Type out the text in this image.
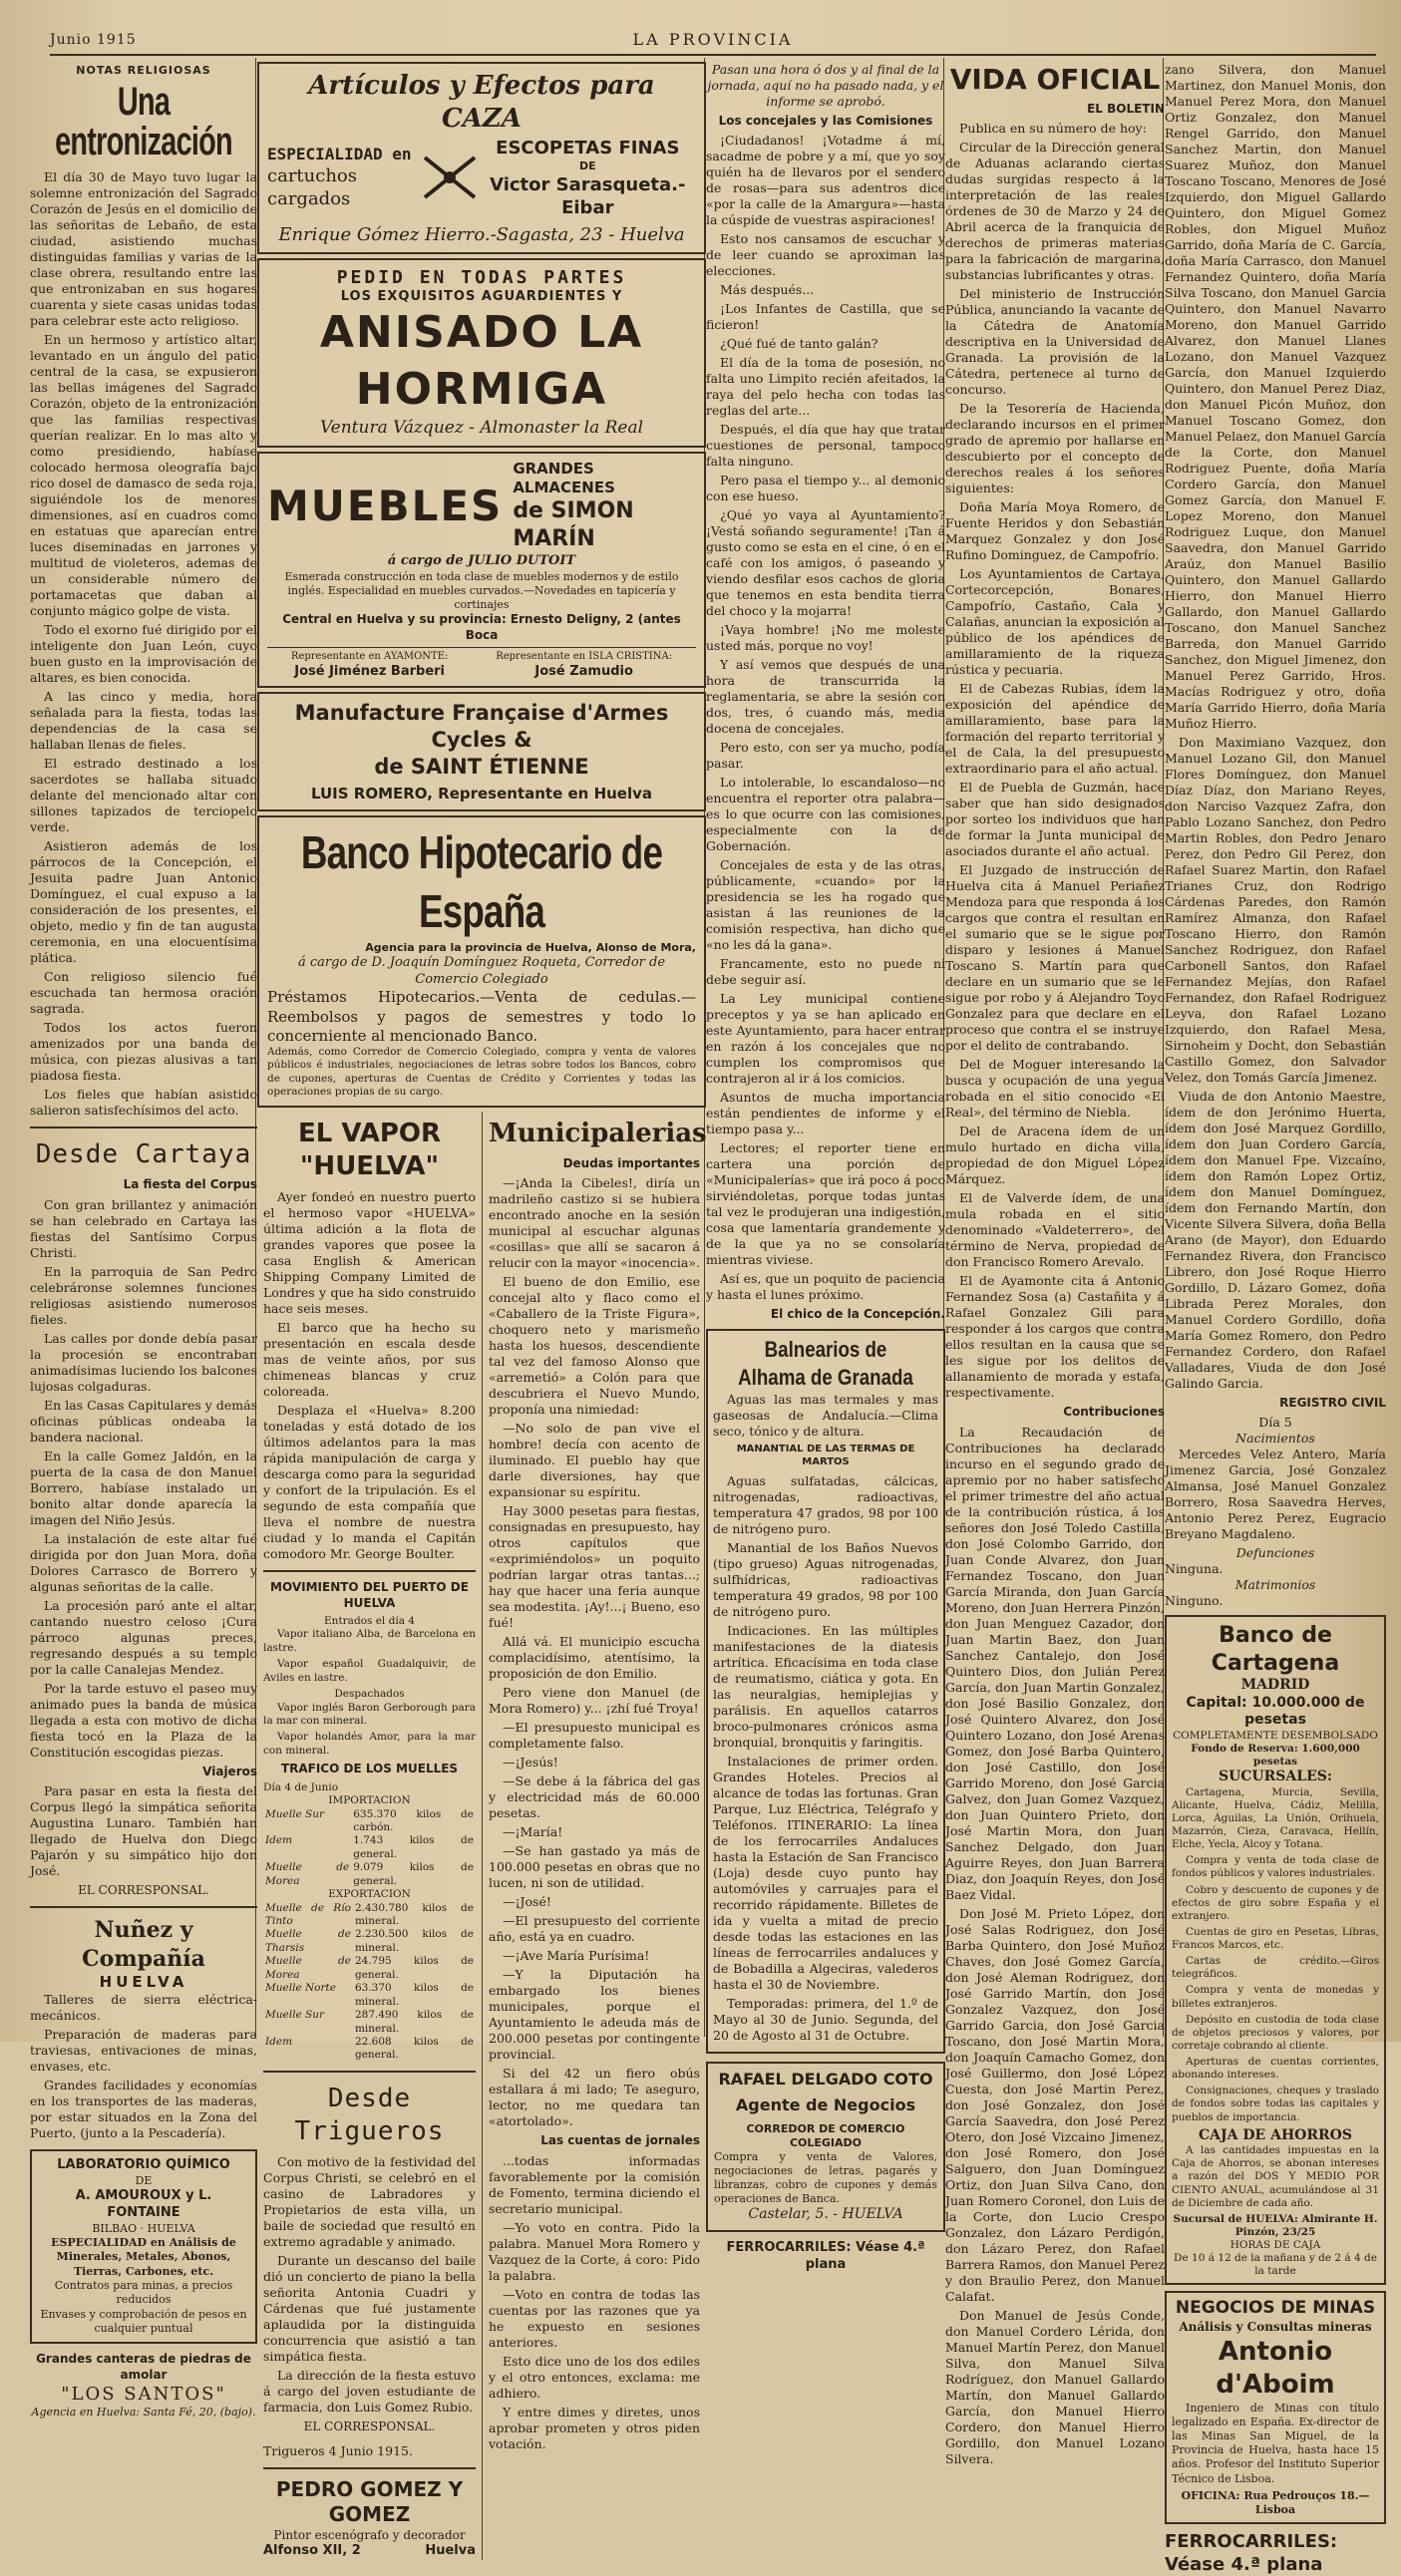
Junio 1915	LA PROVINCIA
NOTAS RELIGIOSAS
Una entronización

El día 30 de Mayo tuvo lugar la solemne entronización del Sagrado Corazón de Jesús en el domicilio de las señoritas de Lebaño, de esta ciudad, asistiendo muchas distinguidas familias y varias de la clase obrera, resultando entre las que entronizaban en sus hogares cuarenta y siete casas unidas todas para celebrar este acto religioso.

En un hermoso y artístico altar, levantado en un ángulo del patio central de la casa, se expusieron las bellas imágenes del Sagrado Corazón, objeto de la entronización que las familias respectivas querían realizar. En lo mas alto y como presidiendo, habíase colocado hermosa oleografía bajo rico dosel de damasco de seda roja, siguiéndole los de menores dimensiones, así en cuadros como en estatuas que aparecían entre luces diseminadas en jarrones y multitud de violeteros, ademas de un considerable número de portamacetas que daban al conjunto mágico golpe de vista.

Todo el exorno fué dirigido por el inteligente don Juan León, cuyo buen gusto en la improvisación de altares, es bien conocida.

A las cinco y media, hora señalada para la fiesta, todas las dependencias de la casa se hallaban llenas de fieles.

El estrado destinado a los sacerdotes se hallaba situado delante del mencionado altar con sillones tapizados de terciopelo verde.

Asistieron además de los párrocos de la Concepción, el Jesuita padre Juan Antonio Domínguez, el cual expuso a la consideración de los presentes, el objeto, medio y fin de tan augusta ceremonia, en una elocuentísima plática.

Con religioso silencio fué escuchada tan hermosa oración sagrada.

Todos los actos fueron amenizados por una banda de música, con piezas alusivas a tan piadosa fiesta.

Los fieles que habían asistido salieron satisfechísimos del acto.

Desde Cartaya
La fiesta del Corpus

Con gran brillantez y animación se han celebrado en Cartaya las fiestas del Santísimo Corpus Christi.

En la parroquia de San Pedro celebráronse solemnes funciones religiosas asistiendo numerosos fieles.

Las calles por donde debía pasar la procesión se encontraban animadísimas luciendo los balcones lujosas colgaduras.

En las Casas Capitulares y demás oficinas públicas ondeaba la bandera nacional.

En la calle Gomez Jaldón, en la puerta de la casa de don Manuel Borrero, habíase instalado un bonito altar donde aparecía la imagen del Niño Jesús.

La instalación de este altar fué dirigida por don Juan Mora, doña Dolores Carrasco de Borrero y algunas señoritas de la calle.

La procesión paró ante el altar, cantando nuestro celoso ¡Cura párroco algunas preces, regresando después a su templo por la calle Canalejas Mendez.

Por la tarde estuvo el paseo muy animado pues la banda de música llegada a esta con motivo de dicha fiesta tocó en la Plaza de la Constitución escogidas piezas.

Viajeros

Para pasar en esta la fiesta del Corpus llegó la simpática señorita Augustina Lunaro. También han llegado de Huelva don Diego Pajarón y su simpático hijo don José.

EL CORRESPONSAL.
Nuñez y Compañía
HUELVA

Talleres de sierra eléctrica-mecánicos.

Preparación de maderas para traviesas, entivaciones de minas, envases, etc.

Grandes facilidades y economías en los transportes de las maderas, por estar situados en la Zona del Puerto, (junto a la Pescadería).

LABORATORIO QUÍMICO
DE
A. AMOUROUX y L. FONTAINE
BILBAO · HUELVA
ESPECIALIDAD en Análisis de Minerales, Metales, Abonos, Tierras, Carbones, etc.
Contratos para minas, a precios reducidos
Envases y comprobación de pesos en cualquier puntual
Grandes canteras de piedras de amolar
"LOS SANTOS"
Agencia en Huelva: Santa Fé, 20, (bajo).
Artículos y Efectos para CAZA
ESPECIALIDAD en
cartuchos cargados
ESCOPETAS FINAS
DE
Victor Sarasqueta.- Eibar
Enrique Gómez Hierro.-Sagasta, 23 - Huelva
PEDID EN TODAS PARTES
LOS EXQUISITOS AGUARDIENTES Y
ANISADO LA HORMIGA
Ventura Vázquez - Almonaster la Real
MUEBLES
GRANDES ALMACENES
de SIMON MARÍN
á cargo de JULIO DUTOIT
Esmerada construcción en toda clase de muebles modernos y de estilo inglés. Especialidad en muebles curvados.—Novedades en tapicería y cortinajes
Central en Huelva y su provincia: Ernesto Deligny, 2 (antes Boca
Representante en AYAMONTE:
José Jiménez Barberi
Representante en ISLA CRISTINA:
José Zamudio
Manufacture Française d'Armes Cycles &
de SAINT ÉTIENNE
LUIS ROMERO, Representante en Huelva
Banco Hipotecario de España
Agencia para la provincia de Huelva, Alonso de Mora,
á cargo de D. Joaquín Domínguez Roqueta, Corredor de Comercio Colegiado
Préstamos Hipotecarios.—Venta de cedulas.—Reembolsos y pagos de semestres y todo lo concerniente al mencionado Banco.
Además, como Corredor de Comercio Colegiado, compra y venta de valores públicos é industriales, negociaciones de letras sobre todos los Bancos, cobro de cupones, aperturas de Cuentas de Crédito y Corrientes y todas las operaciones propias de su cargo.
EL VAPOR "HUELVA"

Ayer fondeó en nuestro puerto el hermoso vapor «HUELVA» última adición a la flota de grandes vapores que posee la casa English & American Shipping Company Limited de Londres y que ha sido construido hace seis meses.

El barco que ha hecho su presentación en escala desde mas de veinte años, por sus chimeneas blancas y cruz coloreada.

Desplaza el «Huelva» 8.200 toneladas y está dotado de los últimos adelantos para la mas rápida manipulación de carga y descarga como para la seguridad y confort de la tripulación. Es el segundo de esta compañía que lleva el nombre de nuestra ciudad y lo manda el Capitán comodoro Mr. George Boulter.

MOVIMIENTO DEL PUERTO DE HUELVA
Entrados el día 4

Vapor italiano Alba, de Barcelona en lastre.

Vapor español Guadalquivir, de Aviles en lastre.

Despachados

Vapor inglés Baron Gerborough para la mar con mineral.

Vapor holandés Amor, para la mar con mineral.

TRAFICO DE LOS MUELLES
Día 4 de Junio
IMPORTACION
Muelle Sur	635.370 kilos de carbón.
Idem	1.743 kilos de general.
Muelle de Morea	9.079 kilos de general.
EXPORTACION
Muelle de Río Tinto	2.430.780 kilos de mineral.
Muelle de Tharsis	2.230.500 kilos de mineral.
Muelle de Morea	24.795 kilos de general.
Muelle Norte	63.370 kilos de mineral.
Muelle Sur	287.490 kilos de mineral.
Idem	22.608 kilos de general.
Desde Trigueros

Con motivo de la festividad del Corpus Christi, se celebró en el casino de Labradores y Propietarios de esta villa, un baile de sociedad que resultó en extremo agradable y animado.

Durante un descanso del baile dió un concierto de piano la bella señorita Antonia Cuadri y Cárdenas que fué justamente aplaudida por la distinguida concurrencia que asistió a tan simpática fiesta.

La dirección de la fiesta estuvo á cargo del joven estudiante de farmacia, don Luis Gomez Rubio.

EL CORRESPONSAL.
Trigueros 4 Junio 1915.
PEDRO GOMEZ Y GOMEZ
Pintor escenógrafo y decorador
Alfonso XII, 2	Huelva
Municipalerias
Deudas importantes

—¡Anda la Cibeles!, diría un madrileño castizo si se hubiera encontrado anoche en la sesión municipal al escuchar algunas «cosillas» que allí se sacaron á relucir con la mayor «inocencia».

El bueno de don Emilio, ese concejal alto y flaco como el «Caballero de la Triste Figura», choquero neto y marismeño hasta los huesos, descendiente tal vez del famoso Alonso que «arremetió» a Colón para que descubriera el Nuevo Mundo, proponía una nimiedad:

—No solo de pan vive el hombre! decía con acento de iluminado. El pueblo hay que darle diversiones, hay que expansionar su espíritu.

Hay 3000 pesetas para fiestas, consignadas en presupuesto, hay otros capítulos que «exprimiéndolos» un poquito podrían largar otras tantas...; hay que hacer una feria aunque sea modestita. ¡Ay!...¡ Bueno, eso fué!

Allá vá. El municipio escucha complacidísimo, atentísimo, la proposición de don Emilio.

Pero viene don Manuel (de Mora Romero) y... ¡zhí fué Troya!

—El presupuesto municipal es completamente falso.

—¡Jesús!

—Se debe á la fábrica del gas y electricidad más de 60.000 pesetas.

—¡María!

—Se han gastado ya más de 100.000 pesetas en obras que no lucen, ni son de utilidad.

—¡José!

—El presupuesto del corriente año, está ya en cuadro.

—¡Ave María Purísima!

—Y la Diputación ha embargado los bienes municipales, porque el Ayuntamiento le adeuda más de 200.000 pesetas por contingente provincial.

Si del 42 un fiero obús estallara á mi lado; Te aseguro, lector, no me quedara tan «atortolado».

Las cuentas de jornales

...todas informadas favorablemente por la comisión de Fomento, termina diciendo el secretario municipal.

—Yo voto en contra. Pido la palabra. Manuel Mora Romero y Vazquez de la Corte, á coro: Pido la palabra.

—Voto en contra de todas las cuentas por las razones que ya he expuesto en sesiones anteriores.

Esto dice uno de los dos ediles y el otro entonces, exclama: me adhiero.

Y entre dimes y diretes, unos aprobar prometen y otros piden votación.

Pasan una hora ó dos y al final de la jornada, aquí no ha pasado nada, y el informe se aprobó.
Los concejales y las Comisiones

¡Ciudadanos! ¡Votadme á mí, sacadme de pobre y a mí, que yo soy quién ha de llevaros por el sendero de rosas—para sus adentros dice «por la calle de la Amargura»—hasta la cúspide de vuestras aspiraciones!

Esto nos cansamos de escuchar y de leer cuando se aproximan las elecciones.

Más después...

¡Los Infantes de Castilla, que se ficieron!

¿Qué fué de tanto galán?

El día de la toma de posesión, no falta uno Limpito recién afeitados, la raya del pelo hecha con todas las reglas del arte...

Después, el día que hay que tratar cuestiones de personal, tampoco falta ninguno.

Pero pasa el tiempo y... al demonio con ese hueso.

¿Qué yo vaya al Ayuntamiento? ¡Vestá soñando seguramente! ¡Tan á gusto como se esta en el cine, ó en el café con los amigos, ó paseando y viendo desfilar esos cachos de gloria que tenemos en esta bendita tierra del choco y la mojarra!

¡Vaya hombre! ¡No me moleste usted más, porque no voy!

Y así vemos que después de una hora de transcurrida la reglamentaria, se abre la sesión con dos, tres, ó cuando más, media docena de concejales.

Pero esto, con ser ya mucho, podía pasar.

Lo intolerable, lo escandaloso—no encuentra el reporter otra palabra—es lo que ocurre con las comisiones, especialmente con la de Gobernación.

Concejales de esta y de las otras, públicamente, «cuando» por la presidencia se les ha rogado que asistan á las reuniones de la comisión respectiva, han dicho que «no les dá la gana».

Francamente, esto no puede ni debe seguir así.

La Ley municipal contiene preceptos y ya se han aplicado en este Ayuntamiento, para hacer entrar en razón á los concejales que no cumplen los compromisos que contrajeron al ir á los comicios.

Asuntos de mucha importancia están pendientes de informe y el tiempo pasa y...

Lectores; el reporter tiene en cartera una porción de «Municipalerías» que irá poco á poco sirviéndoletas, porque todas juntas tal vez le produjeran una indigestión, cosa que lamentaría grandemente y de la que ya no se consolaría mientras viviese.

Así es, que un poquito de paciencia y hasta el lunes próximo.

El chico de la Concepción.
Balnearios de Alhama de Granada

Aguas las mas termales y mas gaseosas de Andalucía.—Clima seco, tónico y de altura.

MANANTIAL DE LAS TERMAS DE MARTOS

Aguas sulfatadas, cálcicas, nitrogenadas, radioactivas, temperatura 47 grados, 98 por 100 de nitrógeno puro.

Manantial de los Baños Nuevos (tipo grueso) Aguas nitrogenadas, sulfhídricas, radioactivas temperatura 49 grados, 98 por 100 de nitrógeno puro.

Indicaciones. En las múltiples manifestaciones de la diatesis artrítica. Eficacísima en toda clase de reumatismo, ciática y gota. En las neuralgias, hemiplejias y parálisis. En aquellos catarros broco-pulmonares crónicos asma bronquial, bronquitis y faringitis.

Instalaciones de primer orden. Grandes Hoteles. Precios al alcance de todas las fortunas. Gran Parque, Luz Eléctrica, Telégrafo y Teléfonos. ITINERARIO: La línea de los ferrocarriles Andaluces hasta la Estación de San Francisco (Loja) desde cuyo punto hay automóviles y carruajes para el recorrido rápidamente. Billetes de ida y vuelta a mitad de precio desde todas las estaciones en las líneas de ferrocarriles andaluces y de Bobadilla a Algeciras, valederos hasta el 30 de Noviembre.

Temporadas: primera, del 1.º de Mayo al 30 de Junio. Segunda, del 20 de Agosto al 31 de Octubre.

RAFAEL DELGADO COTO
Agente de Negocios
CORREDOR DE COMERCIO COLEGIADO
Compra y venta de Valores, negociaciones de letras, pagarés y libranzas, cobro de cupones y demás operaciones de Banca.
Castelar, 5. - HUELVA
FERROCARRILES: Véase 4.ª plana
VIDA OFICIAL
EL BOLETIN

Publica en su número de hoy:

Circular de la Dirección general de Aduanas aclarando ciertas dudas surgidas respecto á la interpretación de las reales órdenes de 30 de Marzo y 24 de Abril acerca de la franquicia de derechos de primeras materias para la fabricación de margarina, substancias lubrificantes y otras.

Del ministerio de Instrucción Pública, anunciando la vacante de la Cátedra de Anatomía descriptiva en la Universidad de Granada. La provisión de la Cátedra, pertenece al turno de concurso.

De la Tesorería de Hacienda, declarando incursos en el primer grado de apremio por hallarse en descubierto por el concepto de derechos reales á los señores siguientes:

Doña María Moya Romero, de Fuente Heridos y don Sebastián Marquez Gonzalez y don José Rufino Dominguez, de Campofrío.

Los Ayuntamientos de Cartaya, Cortecorcepción, Bonares, Campofrío, Castaño, Cala y Calañas, anuncian la exposición al público de los apéndices de amillaramiento de la riqueza rústica y pecuaria.

El de Cabezas Rubias, ídem la exposición del apéndice de amillaramiento, base para la formación del reparto territorial y el de Cala, la del presupuesto extraordinario para el año actual.

El de Puebla de Guzmán, hace saber que han sido designados por sorteo los individuos que han de formar la Junta municipal de asociados durante el año actual.

El Juzgado de instrucción de Huelva cita á Manuel Periañez Mendoza para que responda á los cargos que contra el resultan en el sumario que se le sigue por disparo y lesiones á Manuel Toscano S. Martín para que declare en un sumario que se le sigue por robo y á Alejandro Toyo Gonzalez para que declare en el proceso que contra el se instruye por el delito de contrabando.

Del de Moguer interesando la busca y ocupación de una yegua robada en el sitio conocido «El Real», del término de Niebla.

Del de Aracena ídem de un mulo hurtado en dicha villa, propiedad de don Miguel López Márquez.

El de Valverde ídem, de una mula robada en el sitio denominado «Valdeterrero», del término de Nerva, propiedad de don Francisco Romero Arevalo.

El de Ayamonte cita á Antonio Fernandez Sosa (a) Castañita y á Rafael Gonzalez Gili para responder á los cargos que contra ellos resultan en la causa que se les sigue por los delitos de allanamiento de morada y estafa, respectivamente.

Contribuciones

La Recaudación de Contribuciones ha declarado incurso en el segundo grado de apremio por no haber satisfecho el primer trimestre del año actual de la contribución rústica, á los señores don José Toledo Castilla, don José Colombo Garrido, don Juan Conde Alvarez, don Juan Fernandez Toscano, don Juan García Miranda, don Juan García Moreno, don Juan Herrera Pinzón, don Juan Menguez Cazador, don Juan Martin Baez, don Juan Sanchez Cantalejo, don José Quintero Dios, don Julián Perez García, don Juan Martin Gonzalez, don José Basilio Gonzalez, don José Quintero Alvarez, don José Quintero Lozano, don José Arenas Gomez, don José Barba Quintero, don José Castillo, don José Garrido Moreno, don José Garcia Galvez, don Juan Gomez Vazquez, don Juan Quintero Prieto, don José Martin Mora, don Juan Sanchez Delgado, don Juan Aguirre Reyes, don Juan Barrera Diaz, don Joaquín Reyes, don José Baez Vidal.

Don José M. Prieto López, don José Salas Rodriguez, don José Barba Quintero, don José Muñoz Chaves, don José Gomez García, don José Aleman Rodriguez, don José Garrido Martín, don José Gonzalez Vazquez, don José Garrido Garcia, don José Garcia Toscano, don José Martin Mora, don Joaquín Camacho Gomez, don José Guillermo, don José López Cuesta, don José Martin Perez, don José Gonzalez, don José García Saavedra, don José Perez Otero, don José Vizcaino Jimenez, don José Romero, don José Salguero, don Juan Domínguez Ortiz, don Juan Silva Cano, don Juan Romero Coronel, don Luis de la Corte, don Lucio Crespo Gonzalez, don Lázaro Perdigón, don Lázaro Perez, don Rafael Barrera Ramos, don Manuel Perez y don Braulio Perez, don Manuel Calafat.

Don Manuel de Jesús Conde, don Manuel Cordero Lérida, don Manuel Martín Perez, don Manuel Silva, don Manuel Silva Rodríguez, don Manuel Gallardo Martín, don Manuel Gallardo García, don Manuel Hierro Cordero, don Manuel Hierro Gordillo, don Manuel Lozano Silvera.

zano Silvera, don Manuel Martinez, don Manuel Monis, don Manuel Perez Mora, don Manuel Ortiz Gonzalez, don Manuel Rengel Garrido, don Manuel Sanchez Martin, don Manuel Suarez Muñoz, don Manuel Toscano Toscano, Menores de José Izquierdo, don Miguel Gallardo Quintero, don Miguel Gomez Robles, don Miguel Muñoz Garrido, doña María de C. García, doña María Carrasco, don Manuel Fernandez Quintero, doña María Silva Toscano, don Manuel Garcia Quintero, don Manuel Navarro Moreno, don Manuel Garrido Alvarez, don Manuel Llanes Lozano, don Manuel Vazquez García, don Manuel Izquierdo Quintero, don Manuel Perez Diaz, don Manuel Picón Muñoz, don Manuel Toscano Gomez, don Manuel Pelaez, don Manuel García de la Corte, don Manuel Rodriguez Puente, doña María Cordero García, don Manuel Gomez García, don Manuel F. Lopez Moreno, don Manuel Rodriguez Luque, don Manuel Saavedra, don Manuel Garrido Araúz, don Manuel Basilio Quintero, don Manuel Gallardo Hierro, don Manuel Hierro Gallardo, don Manuel Gallardo Toscano, don Manuel Sanchez Barreda, don Manuel Garrido Sanchez, don Miguel Jimenez, don Manuel Perez Garrido, Hros. Macías Rodriguez y otro, doña María Garrido Hierro, doña María Muñoz Hierro.

Don Maximiano Vazquez, don Manuel Lozano Gil, don Manuel Flores Domínguez, don Manuel Díaz Díaz, don Mariano Reyes, don Narciso Vazquez Zafra, don Pablo Lozano Sanchez, don Pedro Martin Robles, don Pedro Jenaro Perez, don Pedro Gil Perez, don Rafael Suarez Martin, don Rafael Trianes Cruz, don Rodrigo Cárdenas Paredes, don Ramón Ramírez Almanza, don Rafael Toscano Hierro, don Ramón Sanchez Rodriguez, don Rafael Carbonell Santos, don Rafael Fernandez Mejías, don Rafael Fernandez, don Rafael Rodriguez Leyva, don Rafael Lozano Izquierdo, don Rafael Mesa, Sirnoheim y Docht, don Sebastián Castillo Gomez, don Salvador Velez, don Tomás García Jimenez.

Viuda de don Antonio Maestre, ídem de don Jerónimo Huerta, ídem don José Marquez Gordillo, ídem don Juan Cordero García, ídem don Manuel Fpe. Vizcaíno, ídem don Ramón Lopez Ortiz, ídem don Manuel Domínguez, ídem don Fernando Martín, don Vicente Silvera Silvera, doña Bella Arano (de Mayor), don Eduardo Fernandez Rivera, don Francisco Librero, don José Roque Hierro Gordillo, D. Lázaro Gomez, doña Librada Perez Morales, don Manuel Cordero Gordillo, doña María Gomez Romero, don Pedro Fernandez Cordero, don Rafael Valladares, Viuda de don José Galindo Garcia.

REGISTRO CIVIL
Día 5
Nacimientos

Mercedes Velez Antero, María Jimenez Garcia, José Gonzalez Almansa, José Manuel Gonzalez Borrero, Rosa Saavedra Herves, Antonio Perez Perez, Eugracio Breyano Magdaleno.

Defunciones
Ninguna.
Matrimonios
Ninguno.
Banco de Cartagena
MADRID
Capital: 10.000.000 de pesetas
COMPLETAMENTE DESEMBOLSADO
Fondo de Reserva: 1.600,000 pesetas
SUCURSALES:

Cartagena, Murcia, Sevilla, Alicante, Huelva, Cádiz, Melilla, Lorca, Águilas, La Unión, Orihuela, Mazarrón, Cieza, Caravaca, Hellín, Elche, Yecla, Alcoy y Totana.

Compra y venta de toda clase de fondos públicos y valores industriales.

Cobro y descuento de cupones y de efectos de giro sobre España y el extranjero.

Cuentas de giro en Pesetas, Libras, Francos Marcos, etc.

Cartas de crédito.—Giros telegráficos.

Compra y venta de monedas y billetes extranjeros.

Depósito en custodia de toda clase de objetos preciosos y valores, por corretaje cobrando al cliente.

Aperturas de cuentas corrientes, abonando intereses.

Consignaciones, cheques y traslado de fondos sobre todas las capitales y pueblos de importancia.

CAJA DE AHORROS

A las cantidades impuestas en la Caja de Ahorros, se abonan intereses a razón del DOS Y MEDIO POR CIENTO ANUAL, acumulándose al 31 de Diciembre de cada año.

Sucursal de HUELVA: Almirante H. Pinzón, 23/25
HORAS DE CAJA
De 10 á 12 de la mañana y de 2 á 4 de la tarde
NEGOCIOS DE MINAS
Análisis y Consultas mineras
Antonio d'Aboim

Ingeniero de Minas con título legalizado en España. Ex-director de las Minas San Miguel, de la Provincia de Huelva, hasta hace 15 años. Profesor del Instituto Superior Técnico de Lisboa.

OFICINA: Rua Pedrouços 18.—Lisboa
FERROCARRILES: Véase 4.ª plana
